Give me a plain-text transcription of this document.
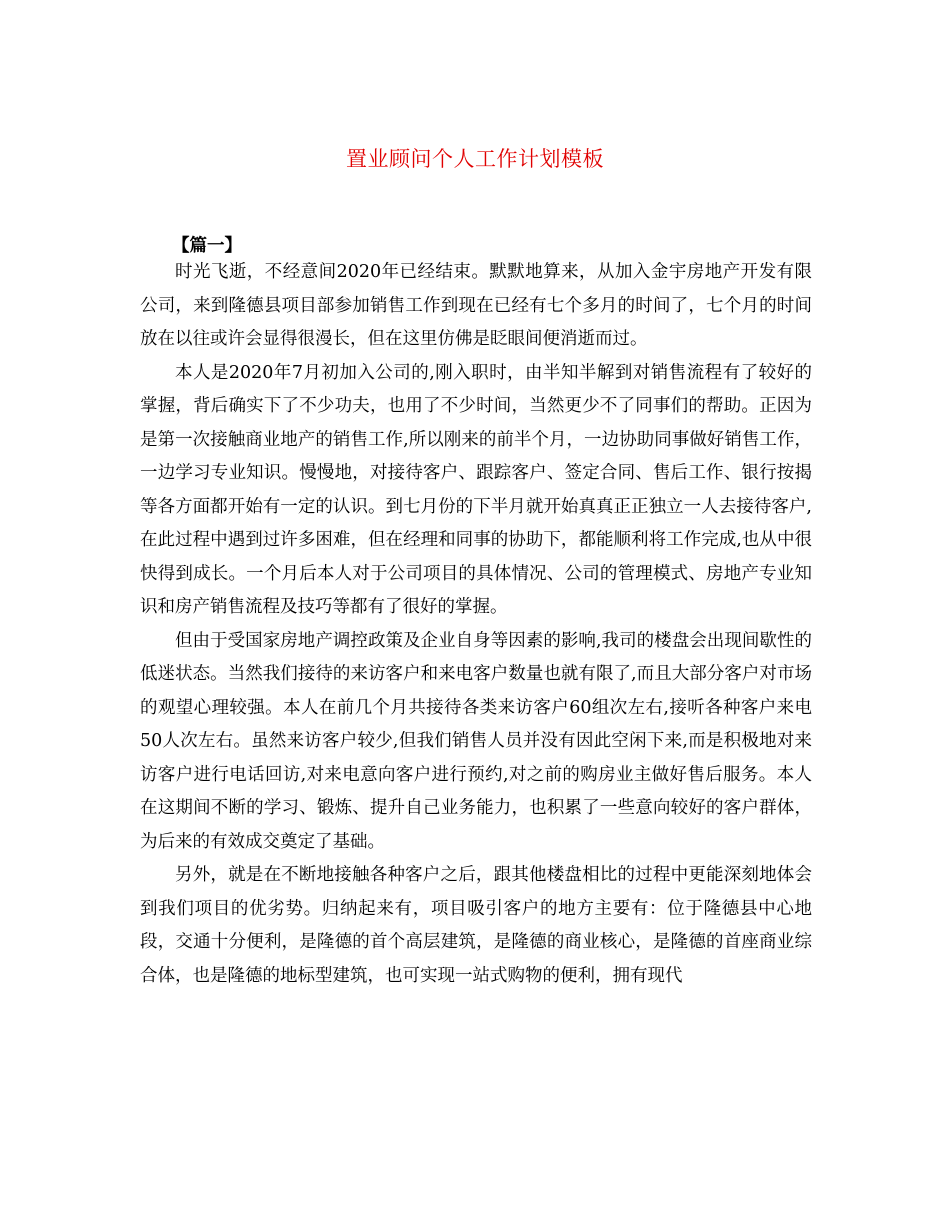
置业顾问个人工作计划模板
【篇一】

时光飞逝，不经意间2020年已经结束。默默地算来，从加入金宇房地产开发有限公司，来到隆德县项目部参加销售工作到现在已经有七个多月的时间了，七个月的时间放在以往或许会显得很漫长，但在这里仿佛是眨眼间便消逝而过。

本人是2020年7月初加入公司的,刚入职时，由半知半解到对销售流程有了较好的掌握，背后确实下了不少功夫，也用了不少时间，当然更少不了同事们的帮助。正因为是第一次接触商业地产的销售工作,所以刚来的前半个月，一边协助同事做好销售工作，一边学习专业知识。慢慢地，对接待客户、跟踪客户、签定合同、售后工作、银行按揭等各方面都开始有一定的认识。到七月份的下半月就开始真真正正独立一人去接待客户,在此过程中遇到过许多困难，但在经理和同事的协助下，都能顺利将工作完成,也从中很快得到成长。一个月后本人对于公司项目的具体情况、公司的管理模式、房地产专业知识和房产销售流程及技巧等都有了很好的掌握。

但由于受国家房地产调控政策及企业自身等因素的影响,我司的楼盘会出现间歇性的低迷状态。当然我们接待的来访客户和来电客户数量也就有限了,而且大部分客户对市场的观望心理较强。本人在前几个月共接待各类来访客户60组次左右,接听各种客户来电50人次左右。虽然来访客户较少,但我们销售人员并没有因此空闲下来,而是积极地对来访客户进行电话回访,对来电意向客户进行预约,对之前的购房业主做好售后服务。本人在这期间不断的学习、锻炼、提升自己业务能力，也积累了一些意向较好的客户群体，为后来的有效成交奠定了基础。

另外，就是在不断地接触各种客户之后，跟其他楼盘相比的过程中更能深刻地体会到我们项目的优劣势。归纳起来有，项目吸引客户的地方主要有：位于隆德县中心地段，交通十分便利，是隆德的首个高层建筑，是隆德的商业核心，是隆德的首座商业综合体，也是隆德的地标型建筑，也可实现一站式购物的便利，拥有现代
